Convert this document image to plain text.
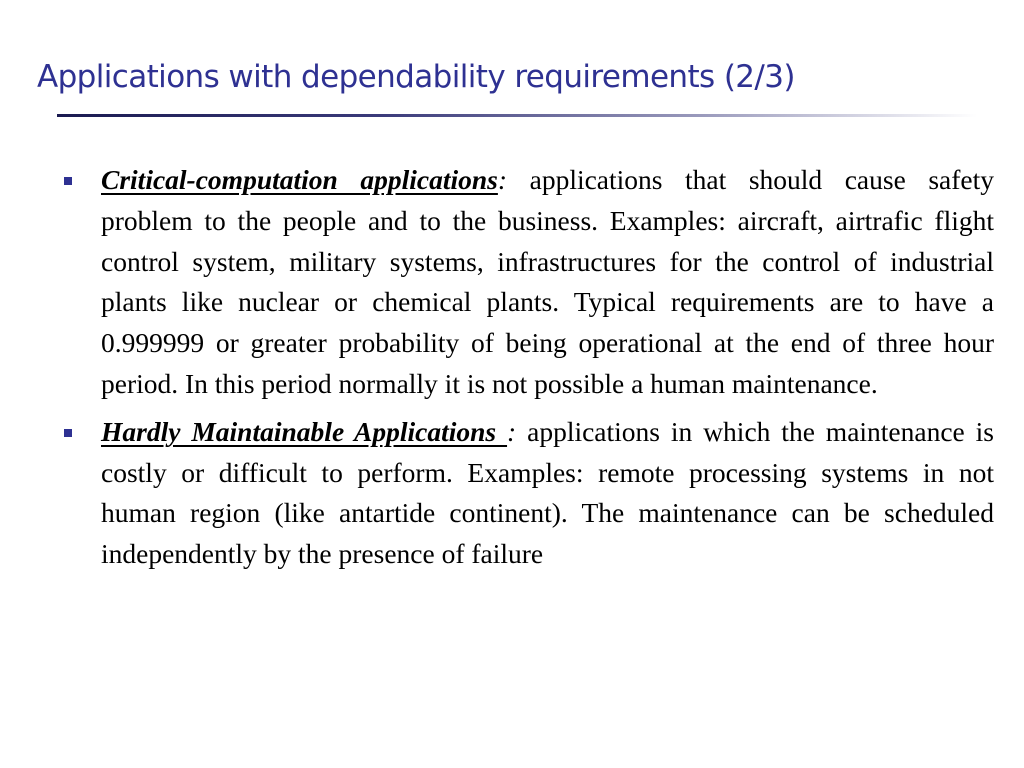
Applications with dependability requirements (2/3)
Critical-computation applications: applications that should cause safety problem to the people and to the business. Examples: aircraft, airtrafic flight control system, military systems, infrastructures for the control of industrial plants like nuclear or chemical plants. Typical requirements are to have a 0.999999 or greater probability of being operational at the end of three hour period. In this period normally it is not possible a human maintenance.
Hardly Maintainable Applications : applications in which the maintenance is costly or difficult to perform. Examples: remote processing systems in not human region (like antartide continent). The maintenance can be scheduled independently by the presence of failure
